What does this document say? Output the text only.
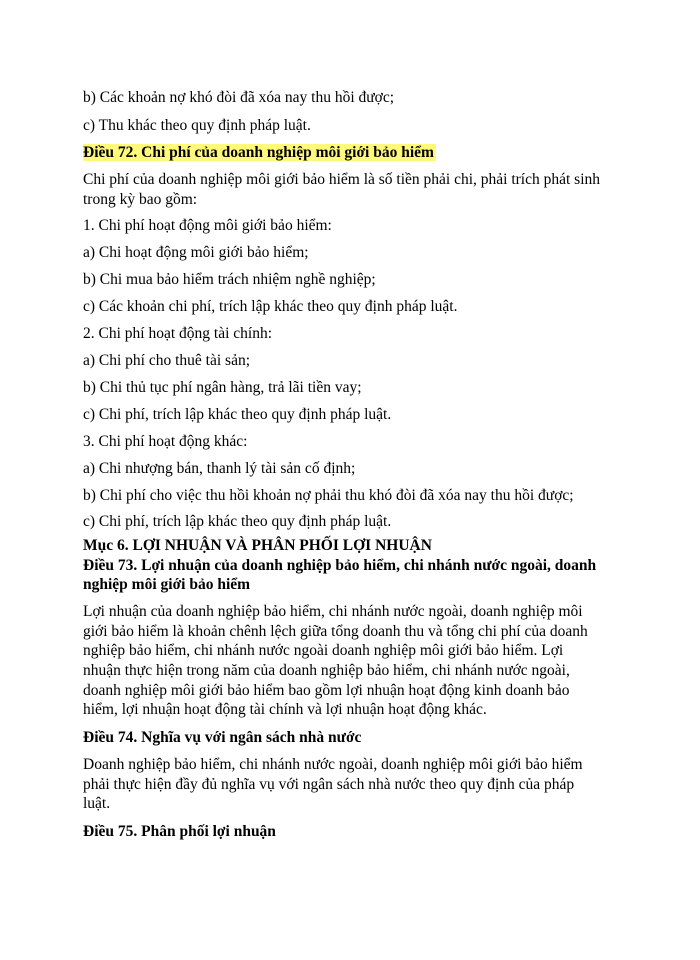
b) Các khoản nợ khó đòi đã xóa nay thu hồi được;

c) Thu khác theo quy định pháp luật.

Điều 72. Chi phí của doanh nghiệp môi giới bảo hiểm

Chi phí của doanh nghiệp môi giới bảo hiểm là số tiền phải chi, phải trích phát sinh

trong kỳ bao gồm:

1. Chi phí hoạt động môi giới bảo hiểm:

a) Chi hoạt động môi giới bảo hiểm;

b) Chi mua bảo hiểm trách nhiệm nghề nghiệp;

c) Các khoản chi phí, trích lập khác theo quy định pháp luật.

2. Chi phí hoạt động tài chính:

a) Chi phí cho thuê tài sản;

b) Chi thủ tục phí ngân hàng, trả lãi tiền vay;

c) Chi phí, trích lập khác theo quy định pháp luật.

3. Chi phí hoạt động khác:

a) Chi nhượng bán, thanh lý tài sản cố định;

b) Chi phí cho việc thu hồi khoản nợ phải thu khó đòi đã xóa nay thu hồi được;

c) Chi phí, trích lập khác theo quy định pháp luật.

Mục 6. LỢI NHUẬN VÀ PHÂN PHỐI LỢI NHUẬN

Điều 73. Lợi nhuận của doanh nghiệp bảo hiểm, chi nhánh nước ngoài, doanh

nghiệp môi giới bảo hiểm

Lợi nhuận của doanh nghiệp bảo hiểm, chi nhánh nước ngoài, doanh nghiệp môi

giới bảo hiểm là khoản chênh lệch giữa tổng doanh thu và tổng chi phí của doanh

nghiệp bảo hiểm, chi nhánh nước ngoài doanh nghiệp môi giới bảo hiểm. Lợi

nhuận thực hiện trong năm của doanh nghiệp bảo hiểm, chi nhánh nước ngoài,

doanh nghiệp môi giới bảo hiểm bao gồm lợi nhuận hoạt động kinh doanh bảo

hiểm, lợi nhuận hoạt động tài chính và lợi nhuận hoạt động khác.

Điều 74. Nghĩa vụ với ngân sách nhà nước

Doanh nghiệp bảo hiểm, chi nhánh nước ngoài, doanh nghiệp môi giới bảo hiểm

phải thực hiện đầy đủ nghĩa vụ với ngân sách nhà nước theo quy định của pháp

luật.

Điều 75. Phân phối lợi nhuận
